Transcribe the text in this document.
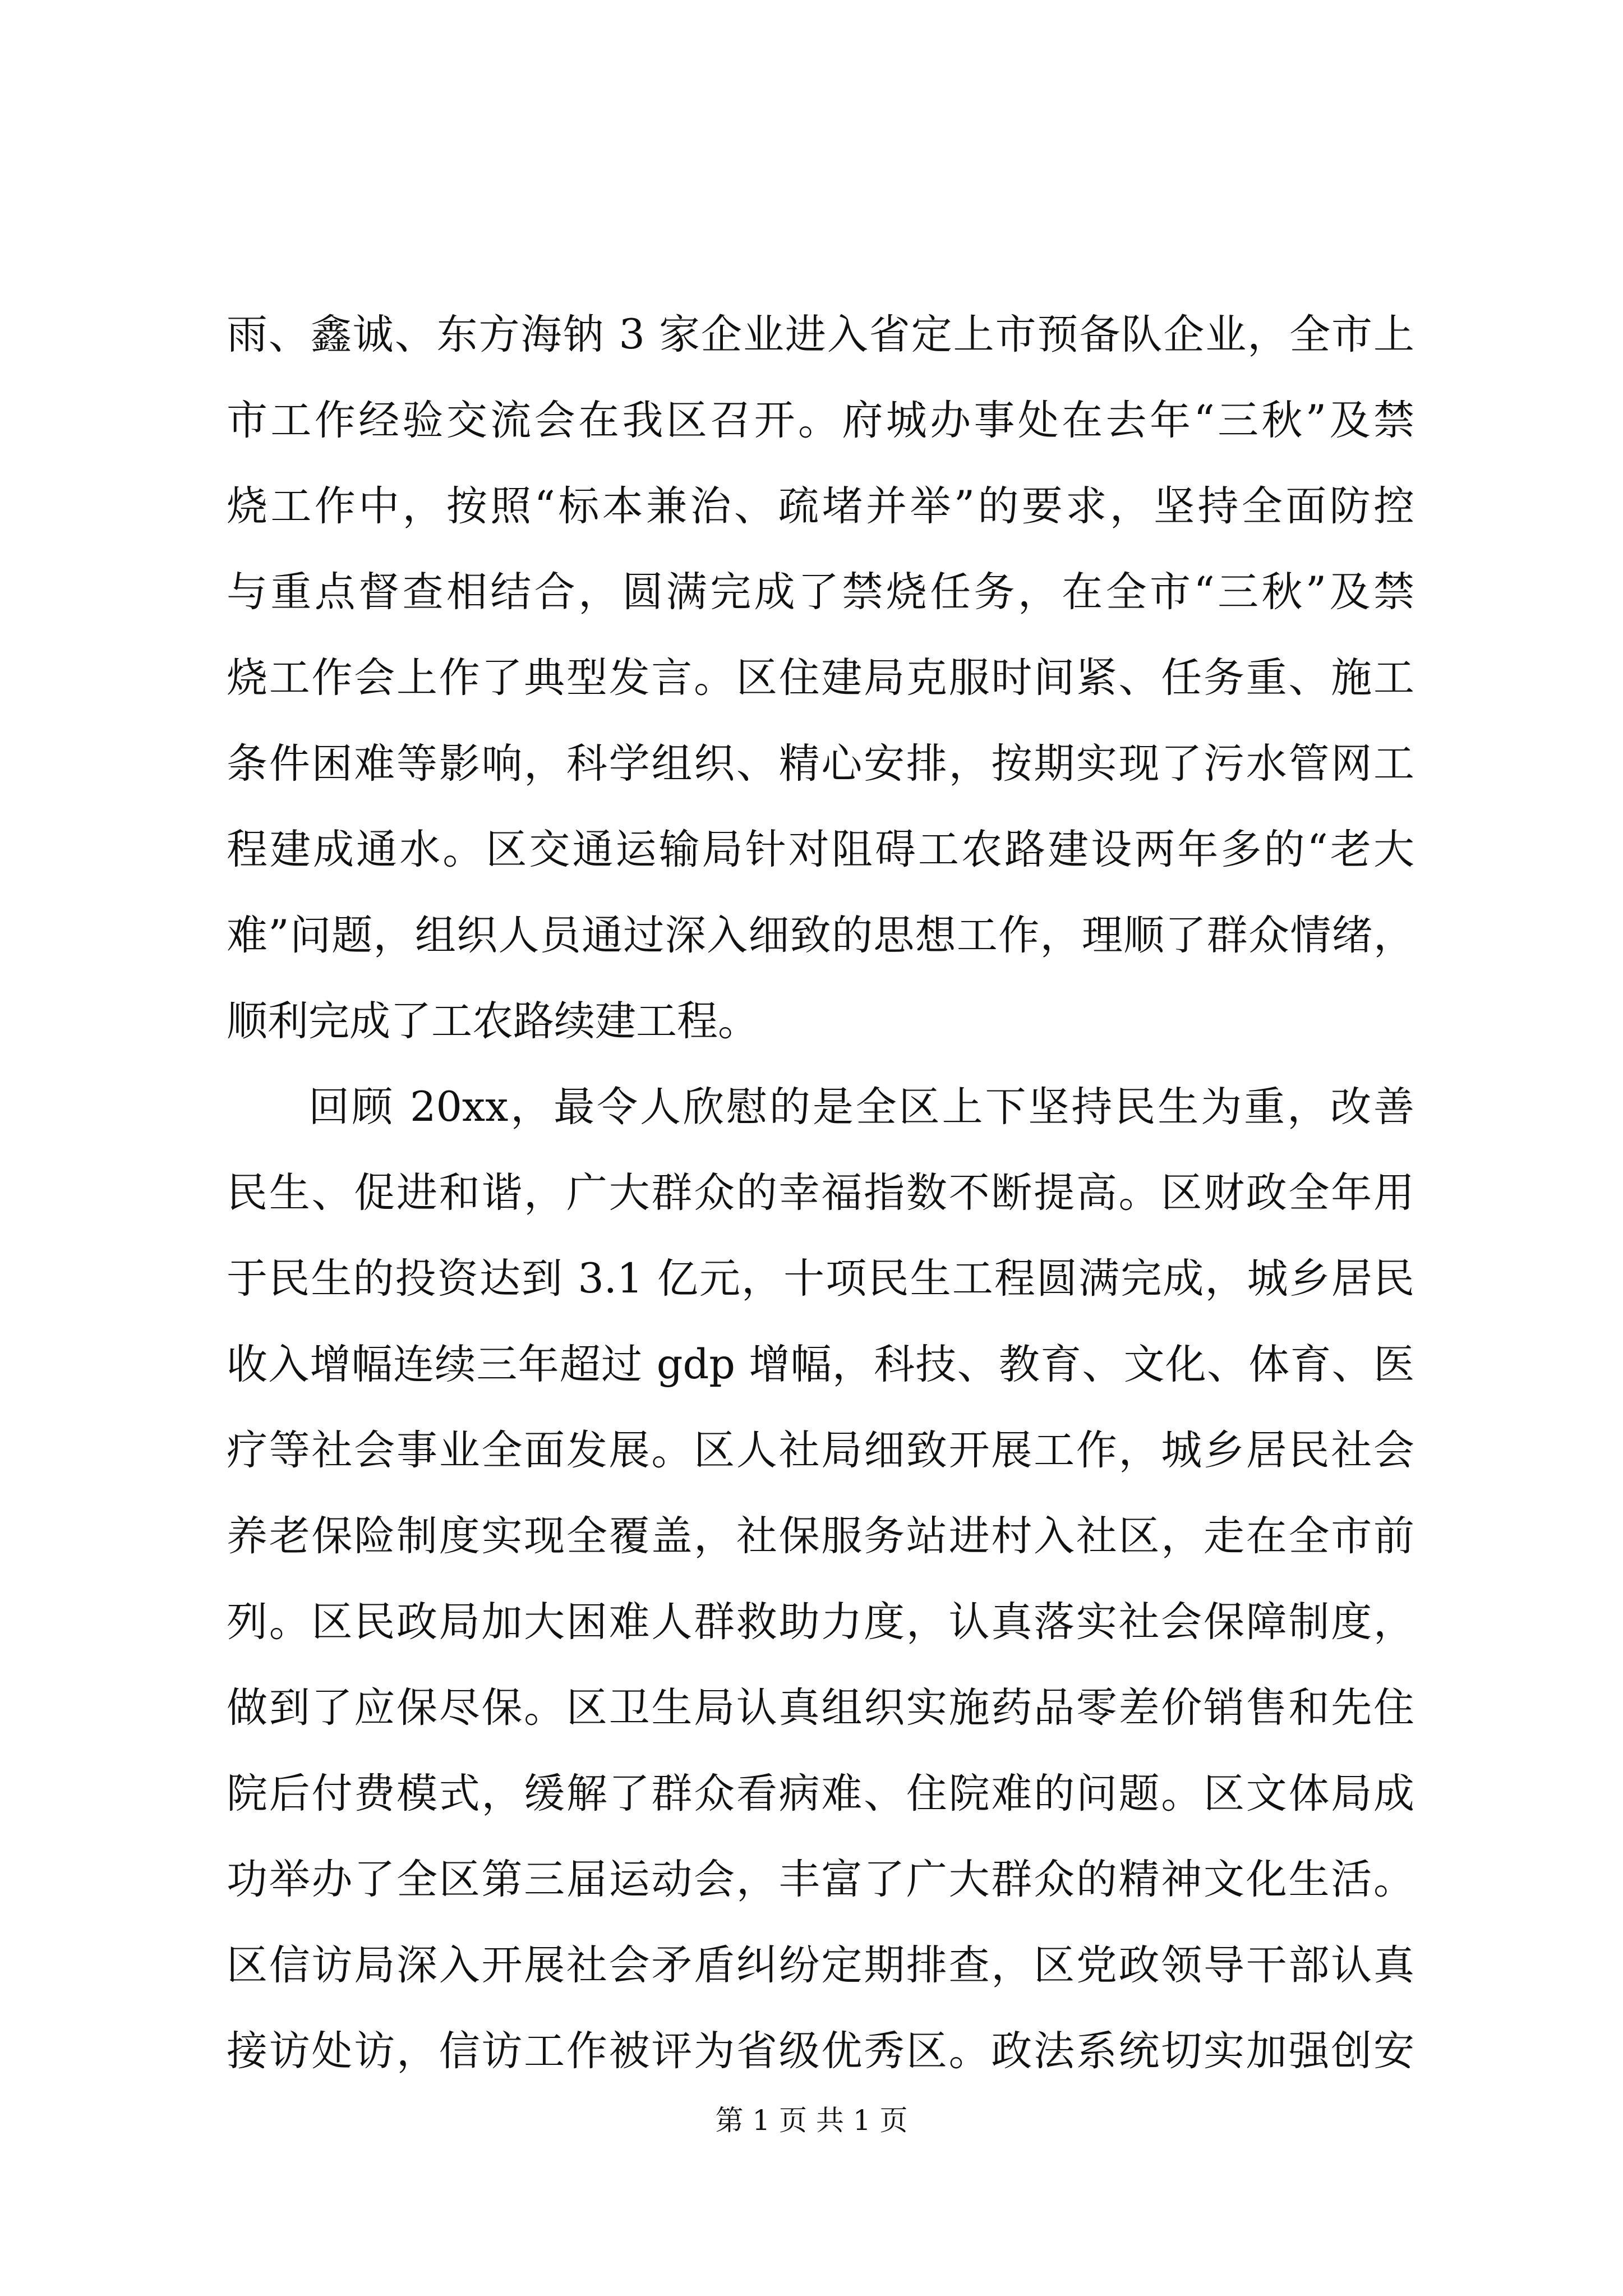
雨、鑫诚、东方海钠 3 家企业进入省定上市预备队企业，全市上
市工作经验交流会在我区召开。府城办事处在去年“三秋”及禁
烧工作中，按照“标本兼治、疏堵并举”的要求，坚持全面防控
与重点督查相结合，圆满完成了禁烧任务，在全市“三秋”及禁
烧工作会上作了典型发言。区住建局克服时间紧、任务重、施工
条件困难等影响，科学组织、精心安排，按期实现了污水管网工
程建成通水。区交通运输局针对阻碍工农路建设两年多的“老大
难”问题，组织人员通过深入细致的思想工作，理顺了群众情绪，
顺利完成了工农路续建工程。
回顾 20xx，最令人欣慰的是全区上下坚持民生为重，改善
民生、促进和谐，广大群众的幸福指数不断提高。区财政全年用
于民生的投资达到 3.1 亿元，十项民生工程圆满完成，城乡居民
收入增幅连续三年超过 gdp 增幅，科技、教育、文化、体育、医
疗等社会事业全面发展。区人社局细致开展工作，城乡居民社会
养老保险制度实现全覆盖，社保服务站进村入社区，走在全市前
列。区民政局加大困难人群救助力度，认真落实社会保障制度，
做到了应保尽保。区卫生局认真组织实施药品零差价销售和先住
院后付费模式，缓解了群众看病难、住院难的问题。区文体局成
功举办了全区第三届运动会，丰富了广大群众的精神文化生活。
区信访局深入开展社会矛盾纠纷定期排查，区党政领导干部认真
接访处访，信访工作被评为省级优秀区。政法系统切实加强创安
第 1 页 共 1 页
